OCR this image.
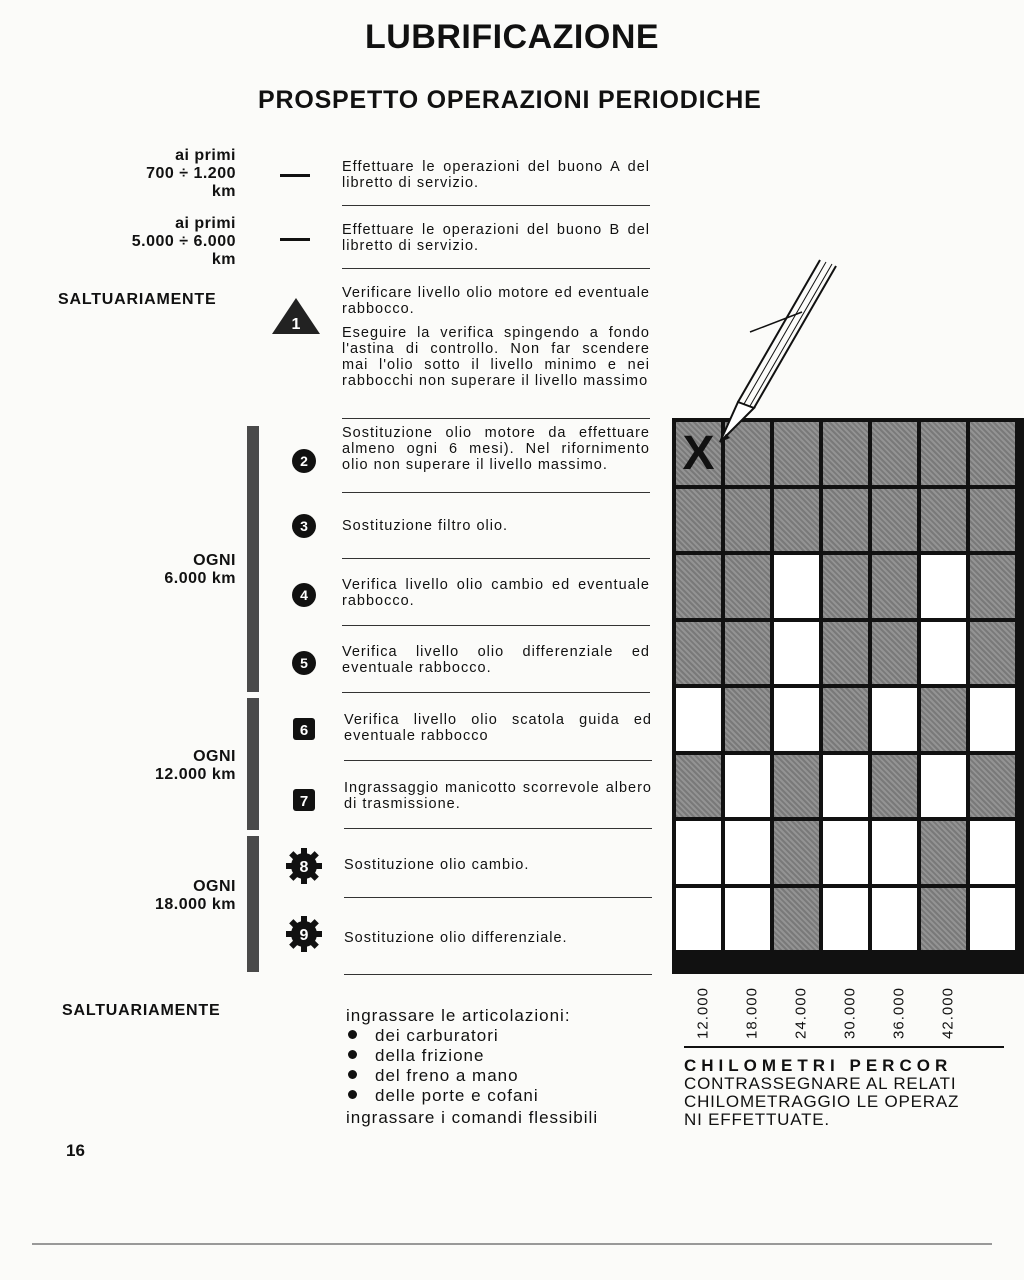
LUBRIFICAZIONE
PROSPETTO OPERAZIONI PERIODICHE
ai primi
700 ÷ 1.200
km
ai primi
5.000 ÷ 6.000
km
SALTUARIAMENTE
OGNI
6.000 km
OGNI
12.000 km
OGNI
18.000 km
SALTUARIAMENTE
1
2
3
4
5
6
7
8
9
Effettuare le operazioni del buono A del libretto di servizio.
Effettuare le operazioni del buono B del libretto di servizio.
Verificare livello olio motore ed eventuale rabbocco.
Eseguire la verifica spingendo a fondo l'astina di controllo. Non far scendere mai l'olio sotto il livello minimo e nei rabbocchi non superare il livello massimo
Sostituzione olio motore da effettuare almeno ogni 6 mesi). Nel rifornimento olio non superare il livello massimo.
Sostituzione filtro olio.
Verifica livello olio cambio ed eventuale rabbocco.
Verifica livello olio differenziale ed eventuale rabbocco.
Verifica livello olio scatola guida ed eventuale rabbocco
Ingrassaggio manicotto scorrevole albero di trasmissione.
Sostituzione olio cambio.
Sostituzione olio differenziale.
ingrassare le articolazioni:
dei carburatori
della frizione
del freno a mano
delle porte e cofani
ingrassare i comandi flessibili
X
12.000 18.000 24.000 30.000 36.000 42.000
CHILOMETRI PERCOR
CONTRASSEGNARE AL RELATI
CHILOMETRAGGIO LE OPERAZ
NI EFFETTUATE.
16
